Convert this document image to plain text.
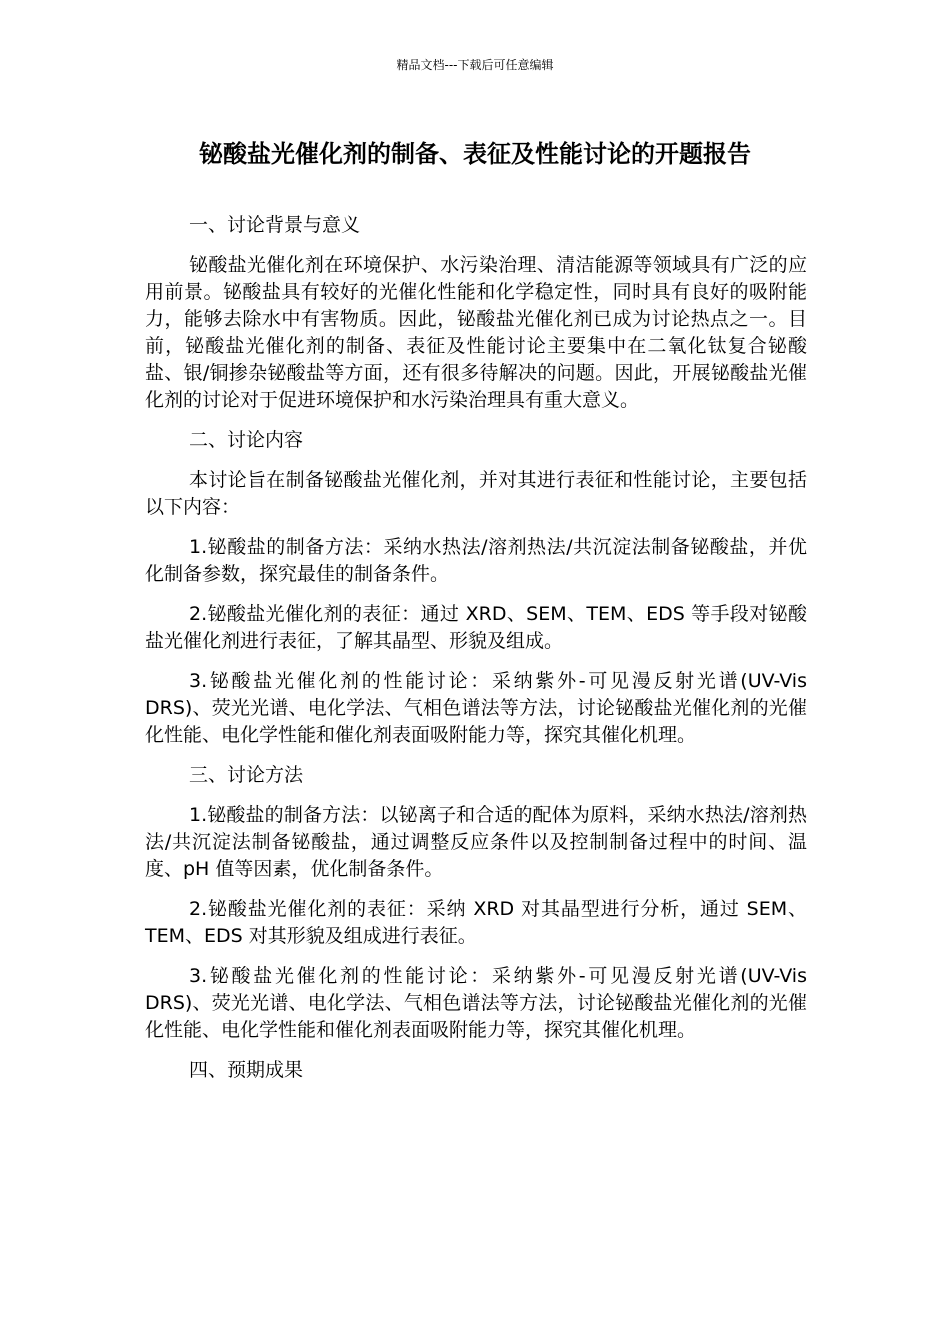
精品文档---下载后可任意编辑
铋酸盐光催化剂的制备、表征及性能讨论的开题报告

一、讨论背景与意义

铋酸盐光催化剂在环境保护、水污染治理、清洁能源等领域具有广泛的应用前景。铋酸盐具有较好的光催化性能和化学稳定性，同时具有良好的吸附能力，能够去除水中有害物质。因此，铋酸盐光催化剂已成为讨论热点之一。目前，铋酸盐光催化剂的制备、表征及性能讨论主要集中在二氧化钛复合铋酸盐、银/铜掺杂铋酸盐等方面，还有很多待解决的问题。因此，开展铋酸盐光催化剂的讨论对于促进环境保护和水污染治理具有重大意义。

二、讨论内容

本讨论旨在制备铋酸盐光催化剂，并对其进行表征和性能讨论，主要包括以下内容：

1.铋酸盐的制备方法：采纳水热法/溶剂热法/共沉淀法制备铋酸盐，并优化制备参数，探究最佳的制备条件。

2.铋酸盐光催化剂的表征：通过 XRD、SEM、TEM、EDS 等手段对铋酸盐光催化剂进行表征，了解其晶型、形貌及组成。

3.铋酸盐光催化剂的性能讨论：采纳紫外-可见漫反射光谱(UV-Vis DRS)、荧光光谱、电化学法、气相色谱法等方法，讨论铋酸盐光催化剂的光催化性能、电化学性能和催化剂表面吸附能力等，探究其催化机理。

三、讨论方法

1.铋酸盐的制备方法：以铋离子和合适的配体为原料，采纳水热法/溶剂热法/共沉淀法制备铋酸盐，通过调整反应条件以及控制制备过程中的时间、温度、pH 值等因素，优化制备条件。

2.铋酸盐光催化剂的表征：采纳 XRD 对其晶型进行分析，通过 SEM、TEM、EDS 对其形貌及组成进行表征。

3.铋酸盐光催化剂的性能讨论：采纳紫外-可见漫反射光谱(UV-Vis DRS)、荧光光谱、电化学法、气相色谱法等方法，讨论铋酸盐光催化剂的光催化性能、电化学性能和催化剂表面吸附能力等，探究其催化机理。

四、预期成果
